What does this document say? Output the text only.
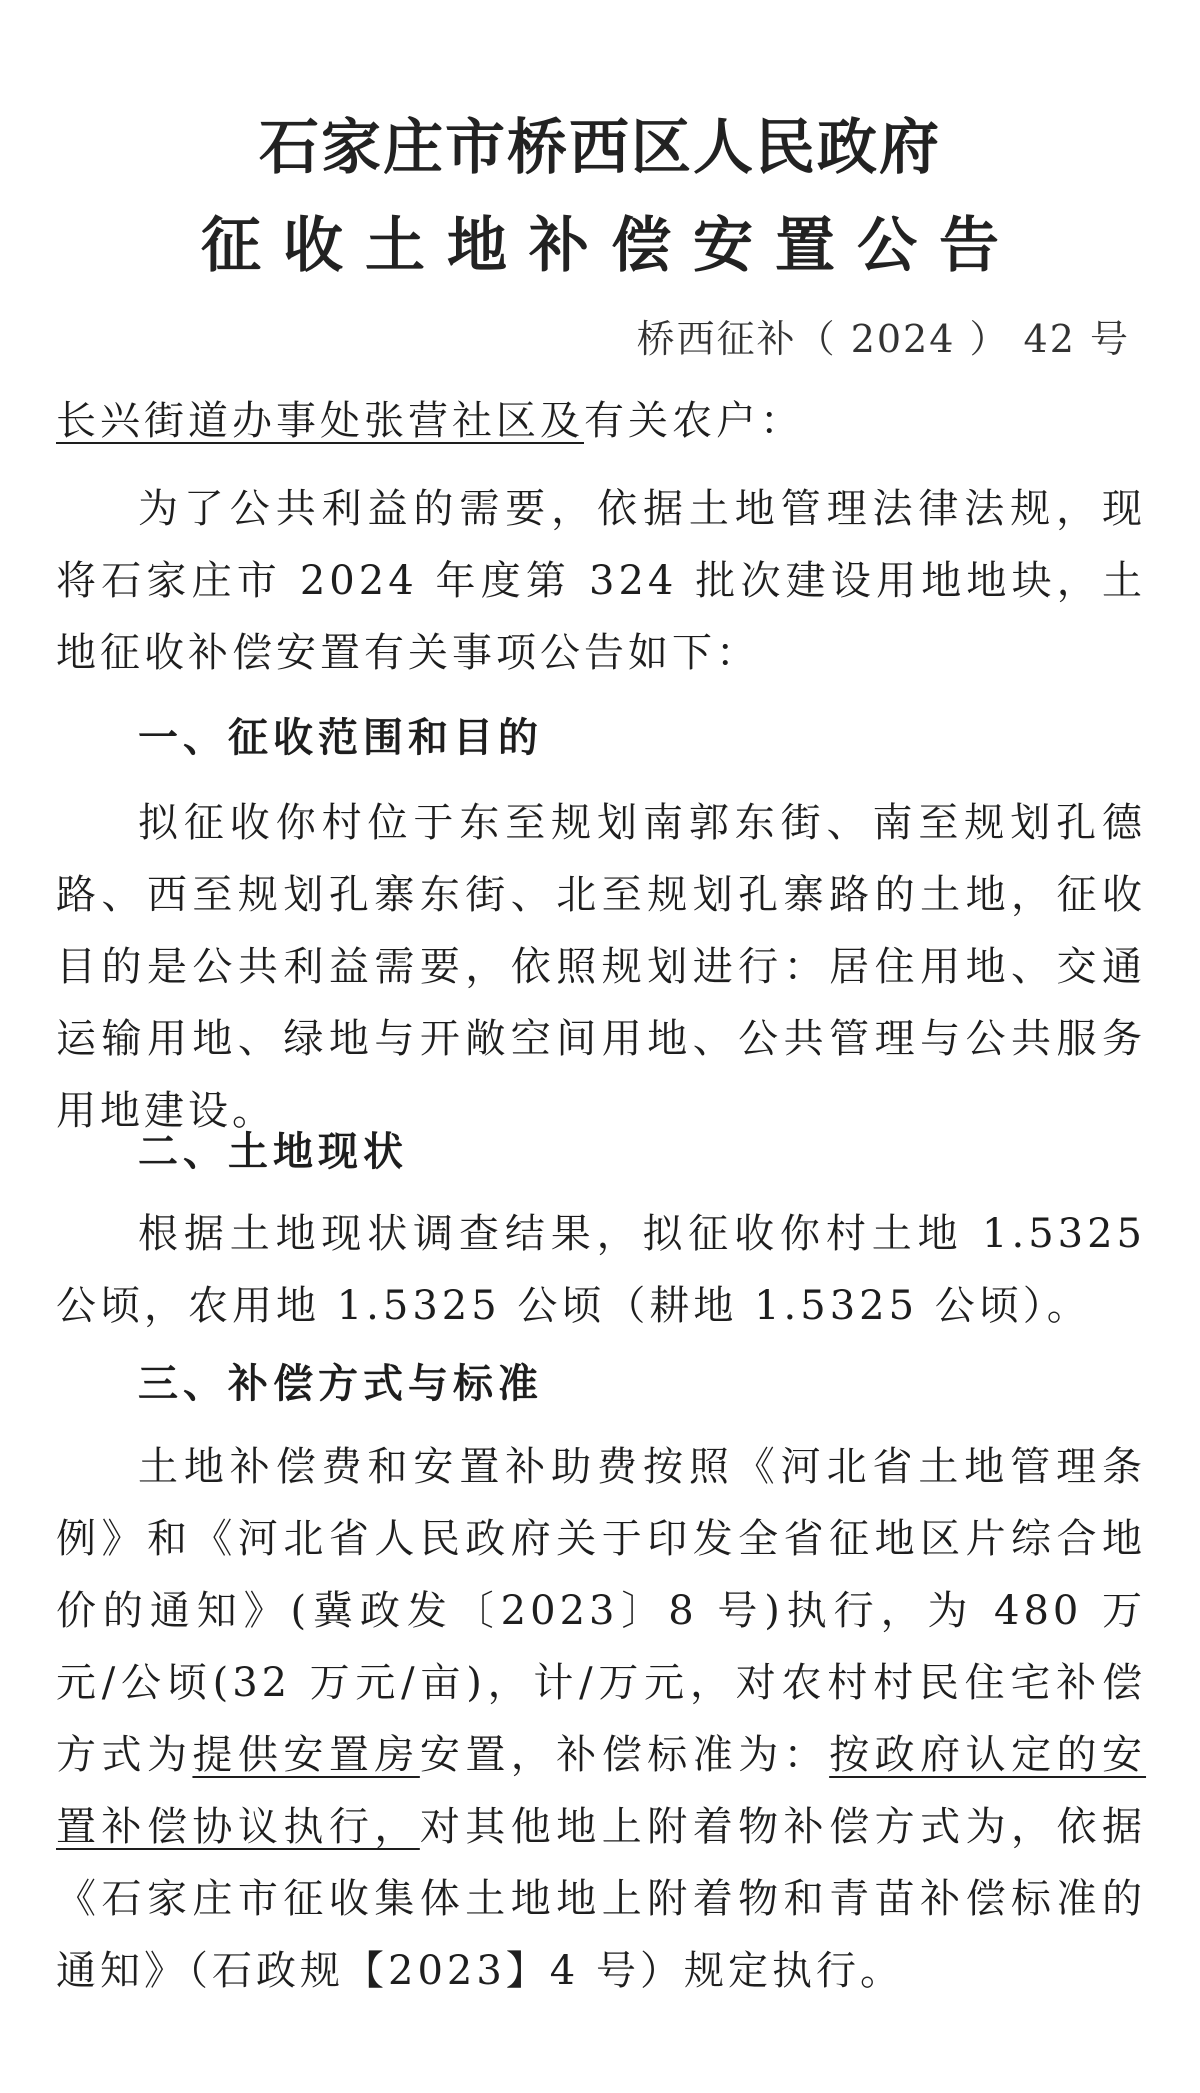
石家庄市桥西区人民政府
征收土地补偿安置公告
桥西征补（ 2024 ） 42 号
长兴街道办事处张营社区及有关农户：

为了公共利益的需要，依据土地管理法律法规，现将石家庄市 2024 年度第 324 批次建设用地地块，土地征收补偿安置有关事项公告如下：

一、征收范围和目的

拟征收你村位于东至规划南郭东街、南至规划孔德路、西至规划孔寨东街、北至规划孔寨路的土地，征收目的是公共利益需要，依照规划进行：居住用地、交通运输用地、绿地与开敞空间用地、公共管理与公共服务用地建设。

二、土地现状

根据土地现状调查结果，拟征收你村土地 1.5325 公顷，农用地 1.5325 公顷（耕地 1.5325 公顷）。

三、补偿方式与标准

土地补偿费和安置补助费按照《河北省土地管理条例》和《河北省人民政府关于印发全省征地区片综合地价的通知》(冀政发〔2023〕8 号)执行，为 480 万元/公顷(32 万元/亩)，计/万元，对农村村民住宅补偿方式为提供安置房安置，补偿标准为：按政府认定的安置补偿协议执行，对其他地上附着物补偿方式为，依据《石家庄市征收集体土地地上附着物和青苗补偿标准的通知》（石政规【2023】4 号）规定执行。
